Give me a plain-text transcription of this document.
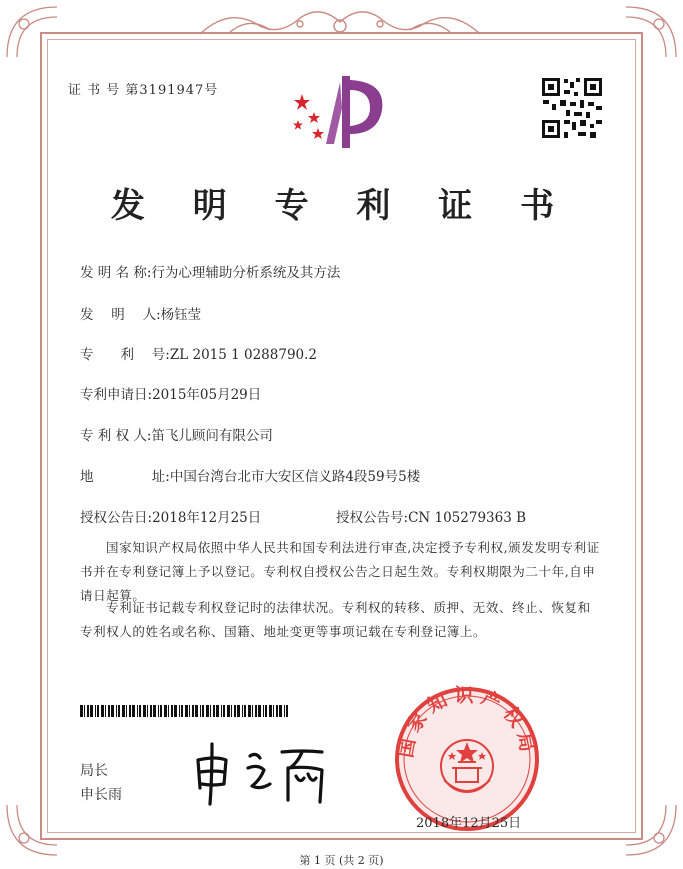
证 书 号 第3191947号
发 明 专 利 证 书
发 明 名 称:行为心理辅助分析系统及其方法
发　 明　 人:杨钰莹
专　　利　 号:ZL 2015 1 0288790.2
专利申请日:2015年05月29日
专 利 权 人:笛飞儿顾问有限公司
地　　　　 址:中国台湾台北市大安区信义路4段59号5楼
授权公告日:2018年12月25日	授权公告号:CN 105279363 B
国家知识产权局依照中华人民共和国专利法进行审查,决定授予专利权,颁发发明专利证书并在专利登记簿上予以登记。专利权自授权公告之日起生效。专利权期限为二十年,自申请日起算。
专利证书记载专利权登记时的法律状况。专利权的转移、质押、无效、终止、恢复和专利权人的姓名或名称、国籍、地址变更等事项记载在专利登记簿上。
局长
申长雨
国家知识产权局
2018年12月25日
第 1 页 (共 2 页)
